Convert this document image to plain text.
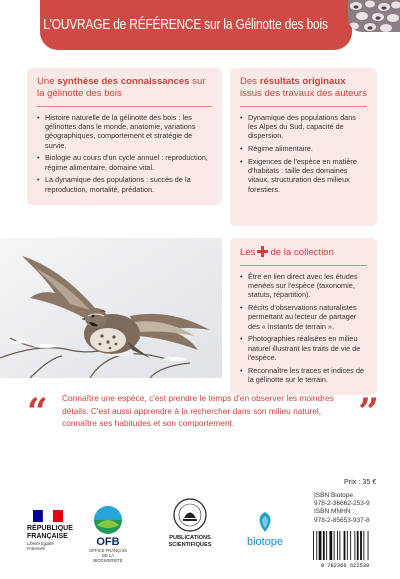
L'OUVRAGE de RÉFÉRENCE sur la Gélinotte des bois
Une synthèse des connaissances sur la gélinotte des bois
• Histoire naturelle de la gélinotte des bois : les gélinottes dans le monde, anatomie, variations géographiques, comportement et stratégie de survie.
• Biologie au cours d'un cycle annuel : reproduction, régime alimentaire, domaine vital.
• La dynamique des populations : succès de la reproduction, mortalité, prédation.
Des résultats originaux issus des travaux des auteurs
• Dynamique des populations dans les Alpes du Sud, capacité de dispersion.
• Régime alimentaire.
• Exigences de l'espèce en matière d'habitats : taille des domaines vitaux, structuration des milieux forestiers.
Les de la collection
• Être en lien direct avec les études menées sur l'espèce (taxonomie, statuts, répartition).
• Récits d'observations naturalistes permettant au lecteur de partager des « instants de terrain ».
• Photographies réalisées en milieu naturel illustrant les traits de vie de l'espèce.
• Reconnaître les traces et indices de la gélinotte sur le terrain.
“ Connaître une espèce, c'est prendre le temps d'en observer les moindres détails. C'est aussi apprendre à la rechercher dans son milieu naturel, connaître ses habitudes et son comportement.	”
Prix : 35 €
ISBN Biotope
978-2-36662-253-9
ISBN MNHN :
978-2-85653-937-8
9 782366 622539
RÉPUBLIQUE
FRANÇAISE
Liberté Égalité Fraternité
OFB
OFFICE FRANÇAIS DE LA BIODIVERSITÉ
PUBLICATIONS
SCIENTIFIQUES	biotope
